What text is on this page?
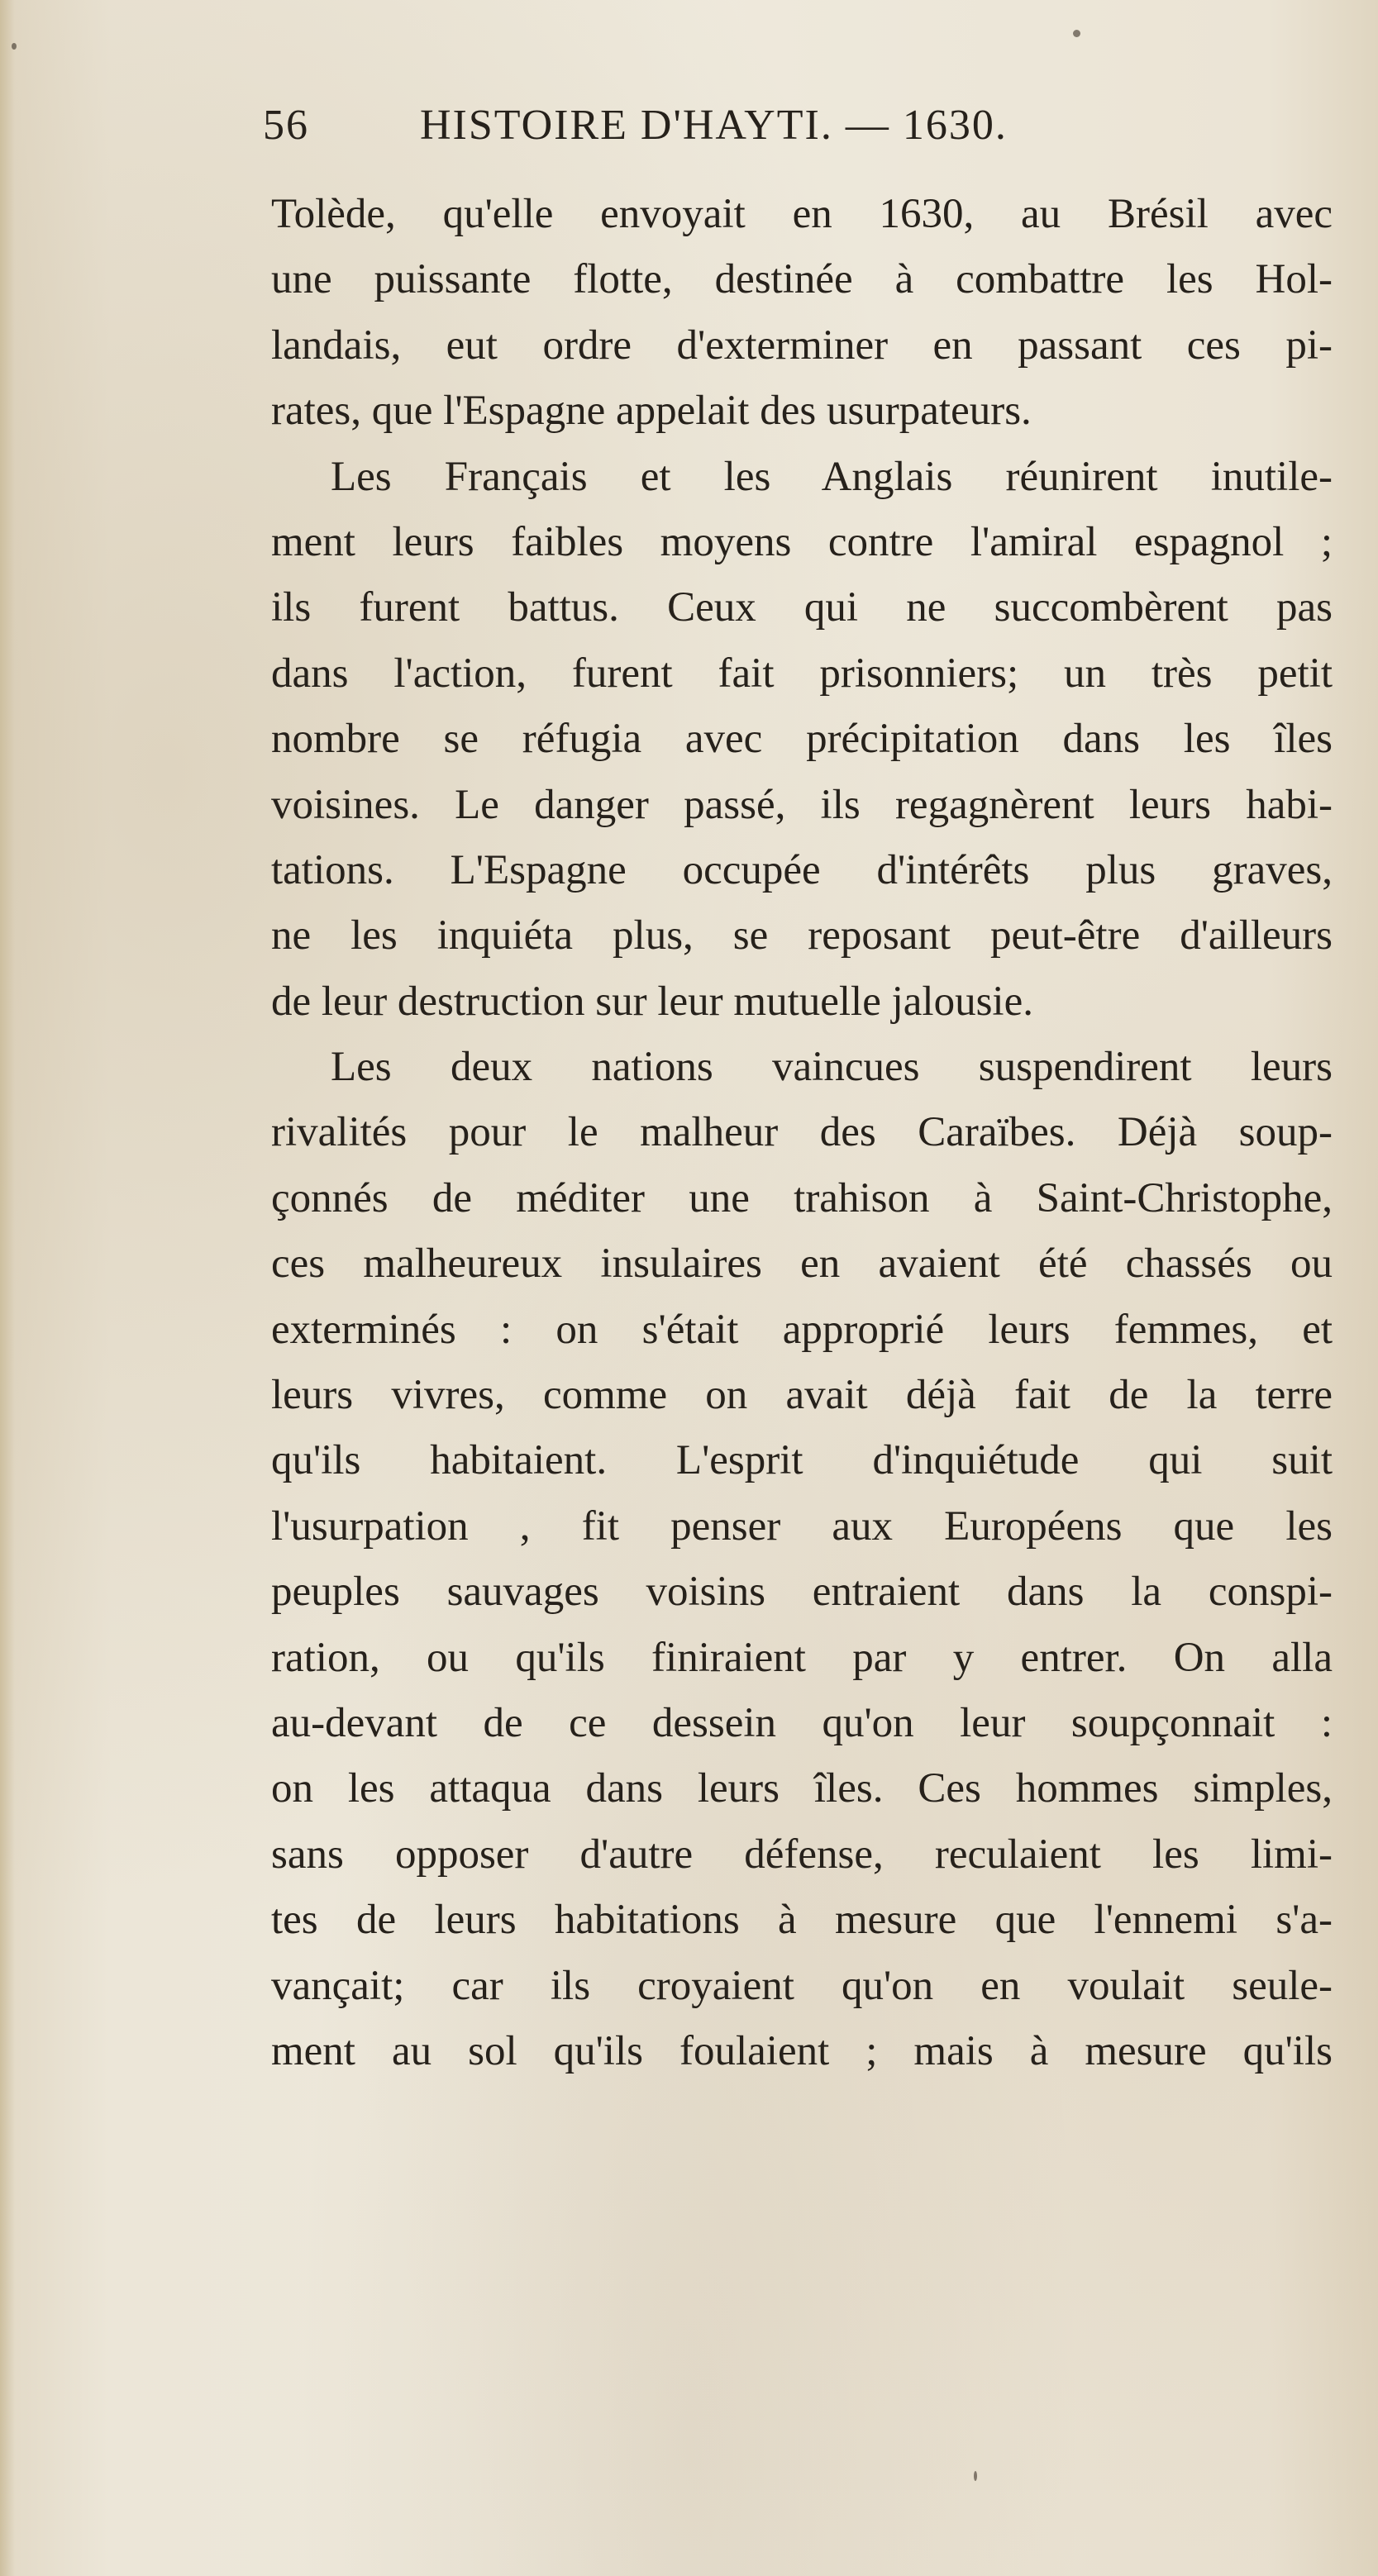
56	HISTOIRE D'HAYTI. — 1630.
Tolède, qu'elle envoyait en 1630, au Brésil avec
une puissante flotte, destinée à combattre les Hol-
landais, eut ordre d'exterminer en passant ces pi-
rates, que l'Espagne appelait des usurpateurs.
Les Français et les Anglais réunirent inutile-
ment leurs faibles moyens contre l'amiral espagnol ;
ils furent battus. Ceux qui ne succombèrent pas
dans l'action, furent fait prisonniers; un très petit
nombre se réfugia avec précipitation dans les îles
voisines. Le danger passé, ils regagnèrent leurs habi-
tations. L'Espagne occupée d'intérêts plus graves,
ne les inquiéta plus, se reposant peut-être d'ailleurs
de leur destruction sur leur mutuelle jalousie.
Les deux nations vaincues suspendirent leurs
rivalités pour le malheur des Caraïbes. Déjà soup-
çonnés de méditer une trahison à Saint-Christophe,
ces malheureux insulaires en avaient été chassés ou
exterminés : on s'était approprié leurs femmes, et
leurs vivres, comme on avait déjà fait de la terre
qu'ils habitaient. L'esprit d'inquiétude qui suit
l'usurpation , fit penser aux Européens que les
peuples sauvages voisins entraient dans la conspi-
ration, ou qu'ils finiraient par y entrer. On alla
au-devant de ce dessein qu'on leur soupçonnait :
on les attaqua dans leurs îles. Ces hommes simples,
sans opposer d'autre défense, reculaient les limi-
tes de leurs habitations à mesure que l'ennemi s'a-
vançait; car ils croyaient qu'on en voulait seule-
ment au sol qu'ils foulaient ; mais à mesure qu'ils
